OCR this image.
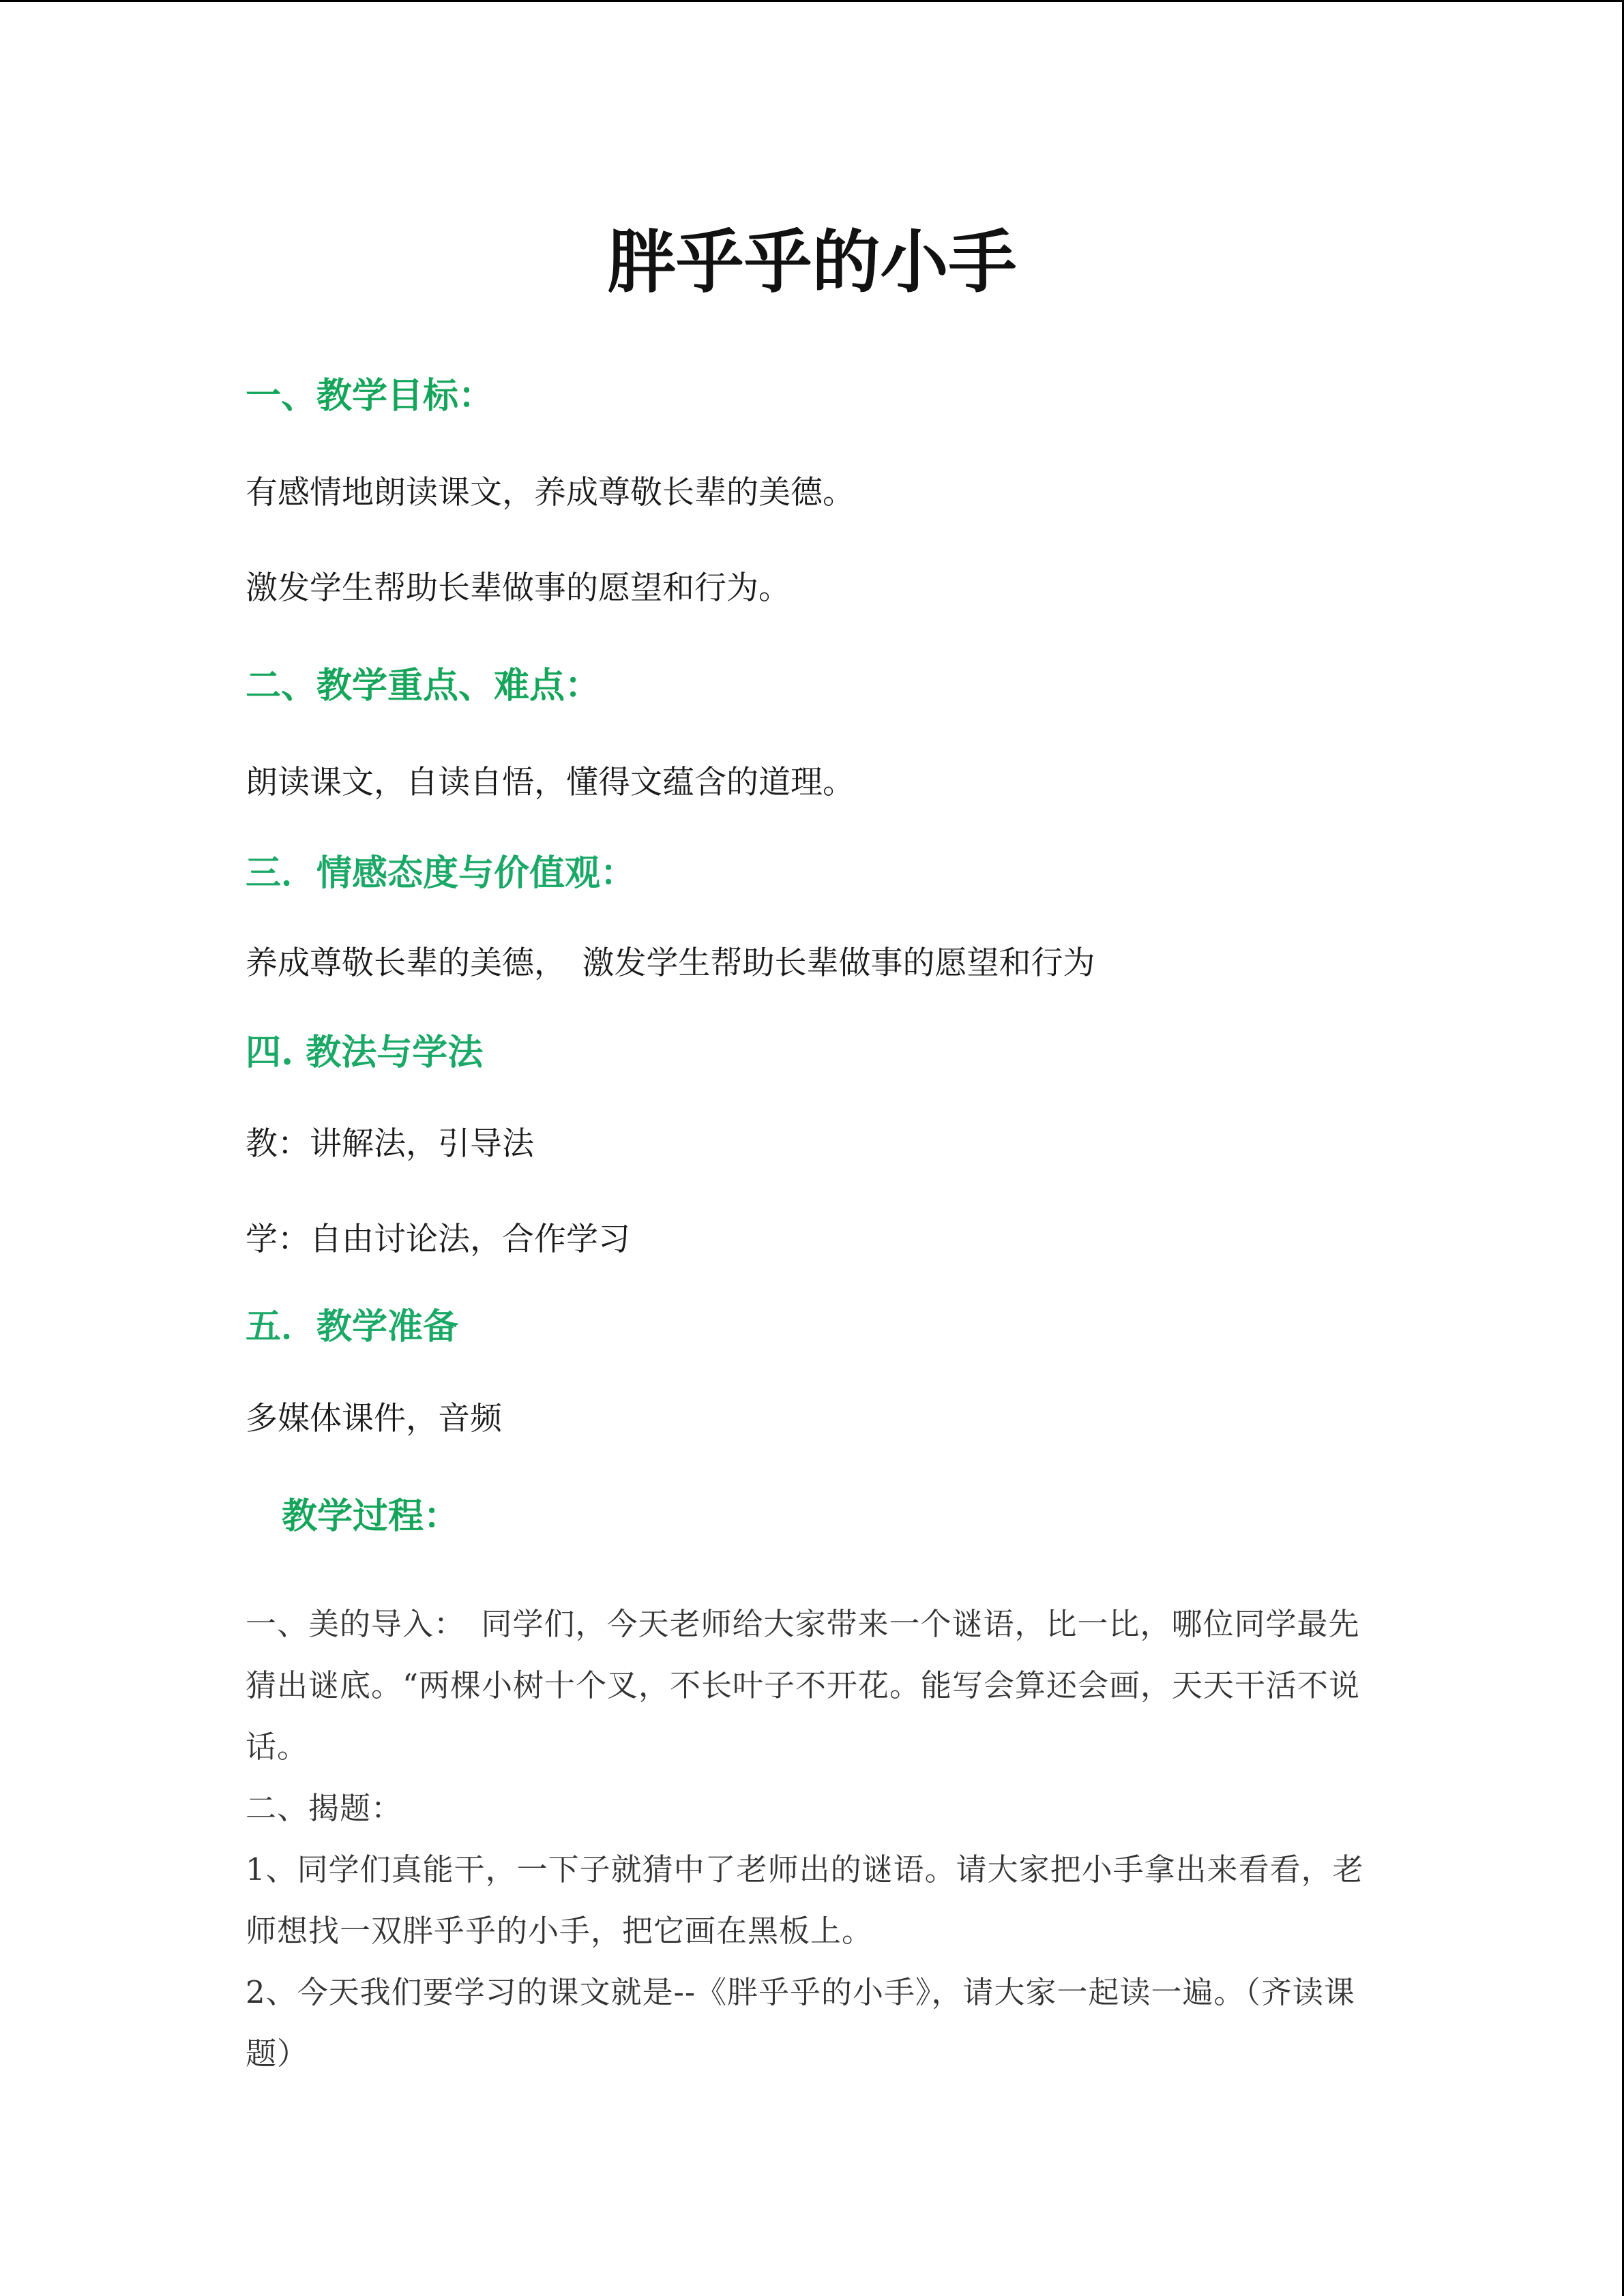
胖乎乎的小手
一、教学目标：
有感情地朗读课文，养成尊敬长辈的美德。
激发学生帮助长辈做事的愿望和行为。
二、教学重点、难点：
朗读课文，自读自悟，懂得文蕴含的道理。
三．情感态度与价值观：
养成尊敬长辈的美德，　激发学生帮助长辈做事的愿望和行为
四. 教法与学法
教：讲解法，引导法
学：自由讨论法，合作学习
五．教学准备
多媒体课件，音频
教学过程：
一、美的导入：　同学们，今天老师给大家带来一个谜语，比一比，哪位同学最先猜出谜底。“两棵小树十个叉，不长叶子不开花。能写会算还会画，天天干活不说话。
二、揭题：
1、同学们真能干，一下子就猜中了老师出的谜语。请大家把小手拿出来看看，老师想找一双胖乎乎的小手，把它画在黑板上。
2、今天我们要学习的课文就是--《胖乎乎的小手》，请大家一起读一遍。（齐读课题）
